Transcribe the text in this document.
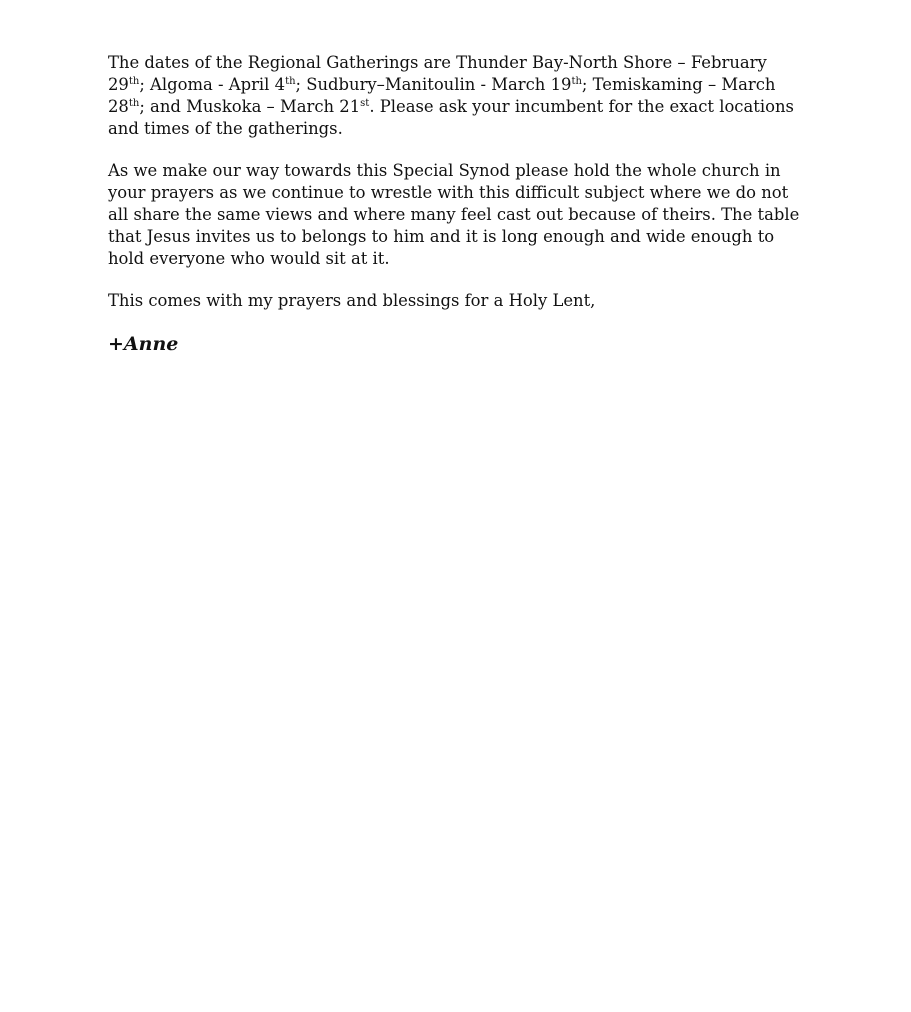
The dates of the Regional Gatherings are Thunder Bay-North Shore – February 29th; Algoma - April 4th; Sudbury–Manitoulin - March 19th; Temiskaming – March 28th; and Muskoka – March 21st. Please ask your incumbent for the exact locations and times of the gatherings.

As we make our way towards this Special Synod please hold the whole church in your prayers as we continue to wrestle with this difficult subject where we do not all share the same views and where many feel cast out because of theirs. The table that Jesus invites us to belongs to him and it is long enough and wide enough to hold everyone who would sit at it.

This comes with my prayers and blessings for a Holy Lent,

+Anne
